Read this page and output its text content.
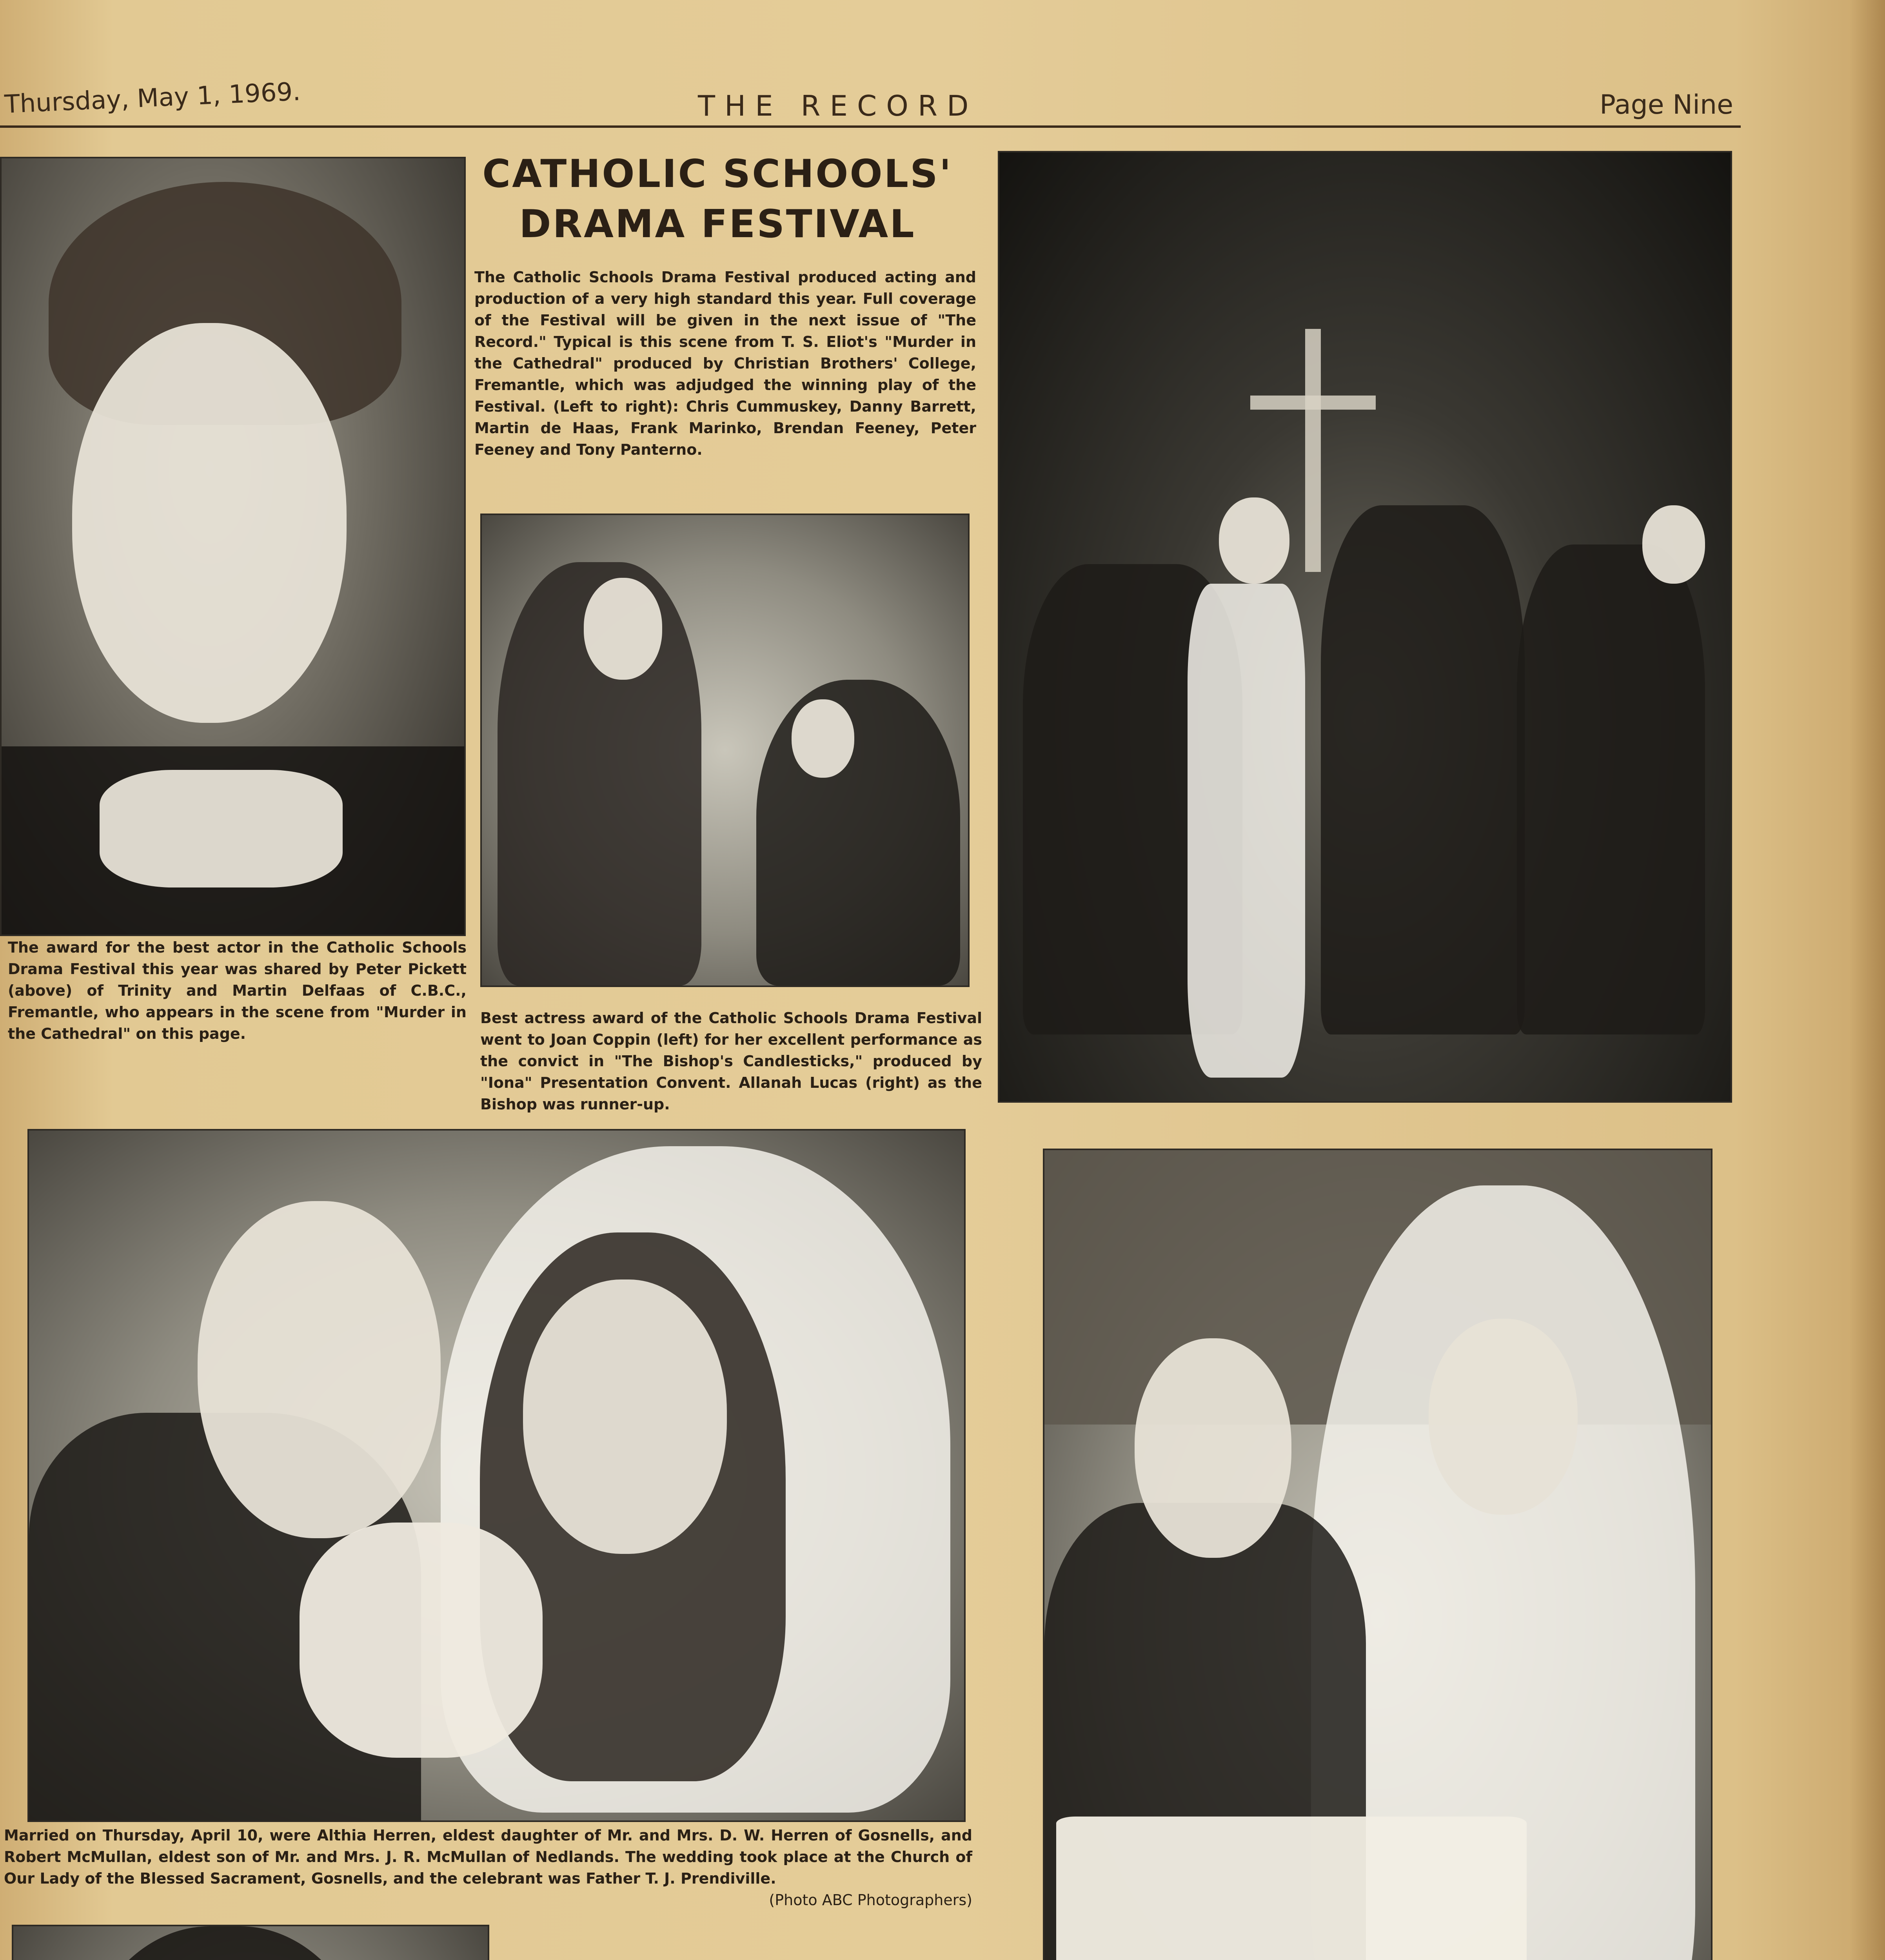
Thursday, May 1, 1969.	THE RECORD	Page Nine
The award for the best actor in the Catholic Schools Drama Festival this year was shared by Peter Pickett (above) of Trinity and Martin Delfaas of C.B.C., Fremantle, who appears in the scene from "Murder in the Cathedral" on this page.
CATHOLIC SCHOOLS' DRAMA FESTIVAL
The Catholic Schools Drama Festival produced acting and production of a very high standard this year. Full coverage of the Festival will be given in the next issue of "The Record." Typical is this scene from T. S. Eliot's "Murder in the Cathedral" produced by Christian Brothers' College, Fremantle, which was adjudged the winning play of the Festival. (Left to right): Chris Cummuskey, Danny Barrett, Martin de Haas, Frank Marinko, Brendan Feeney, Peter Feeney and Tony Panterno.
Best actress award of the Catholic Schools Drama Festival went to Joan Coppin (left) for her excellent performance as the convict in "The Bishop's Candlesticks," produced by "Iona" Presentation Convent. Allanah Lucas (right) as the Bishop was runner-up.
Married on Thursday, April 10, were Althia Herren, eldest daughter of Mr. and Mrs. D. W. Herren of Gosnells, and Robert McMullan, eldest son of Mr. and Mrs. J. R. McMullan of Nedlands. The wedding took place at the Church of Our Lady of the Blessed Sacrament, Gosnells, and the celebrant was Father T. J. Prendiville.
(Photo ABC Photographers)
